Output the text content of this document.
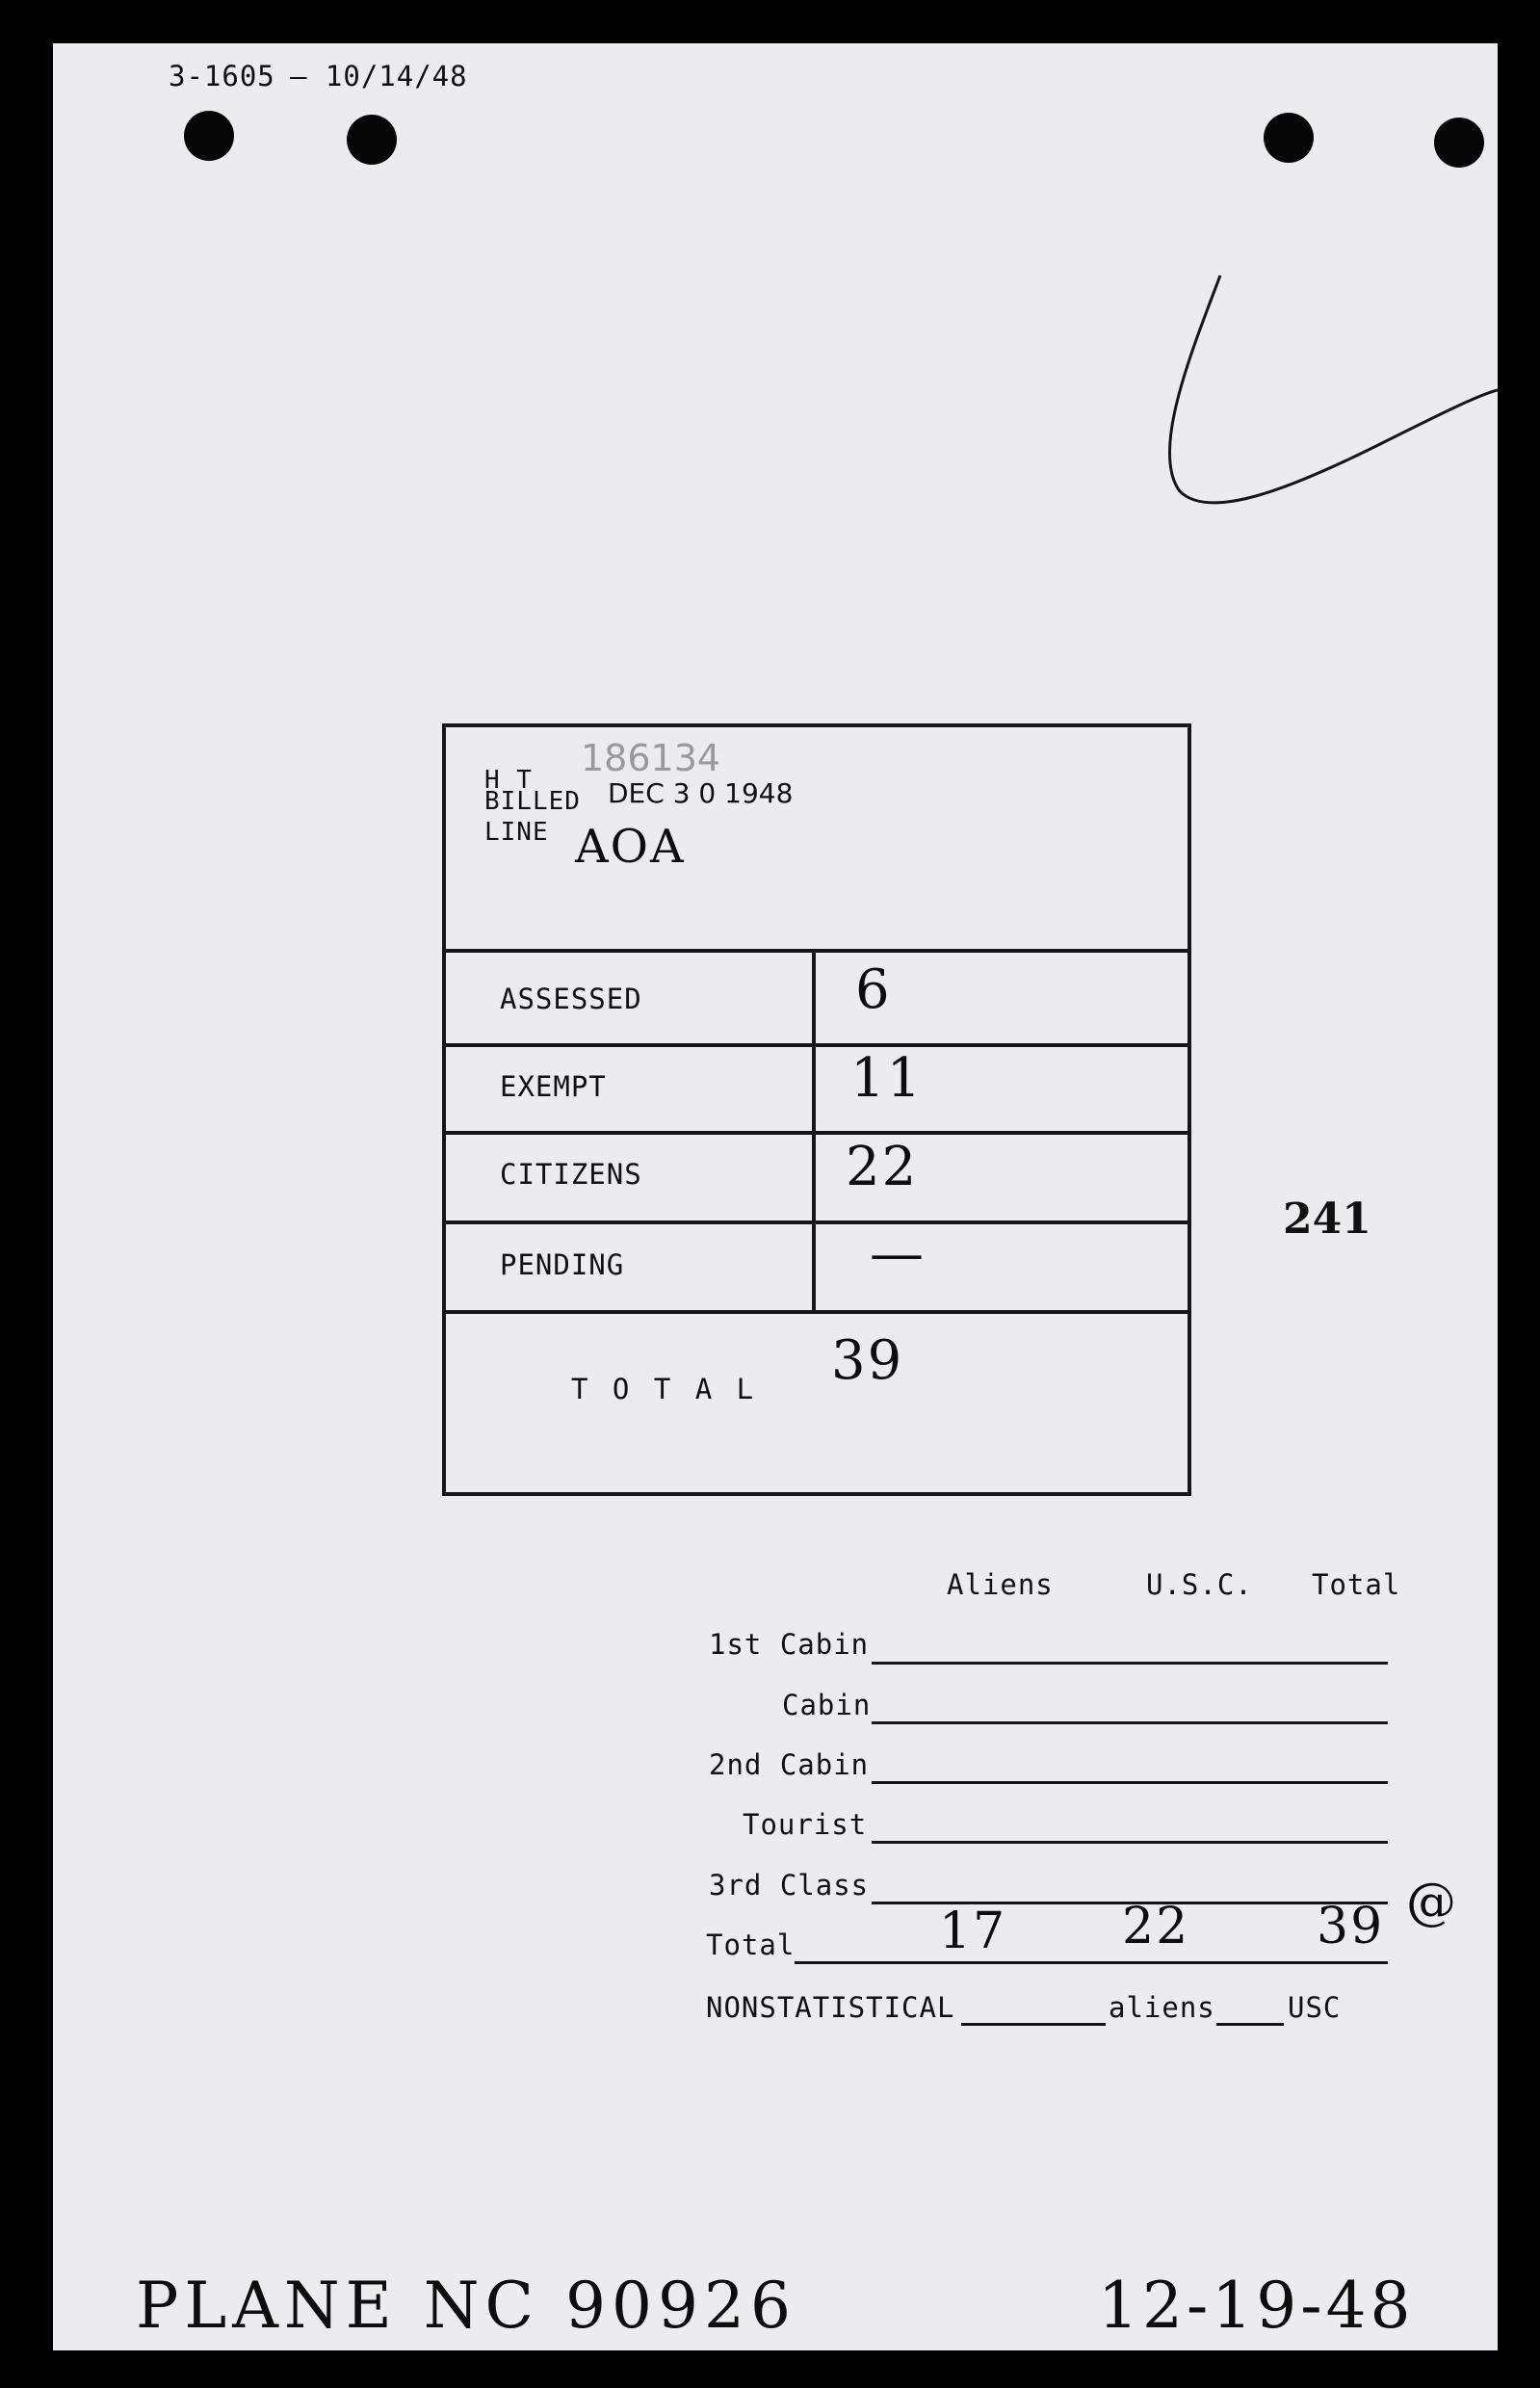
3-1605 — 10/14/48
H T
186134
BILLED DEC 3 0 1948
LINE AOA
ASSESSED	6
EXEMPT	11
CITIZENS	22
PENDING	—
T O T A L 39
241
Aliens	U.S.C. Total
1st Cabin
Cabin
2nd Cabin
Tourist
3rd Class	@
Total	17 22	39
NONSTATISTICAL	aliens	USC
PLANE NC 90926	12-19-48
